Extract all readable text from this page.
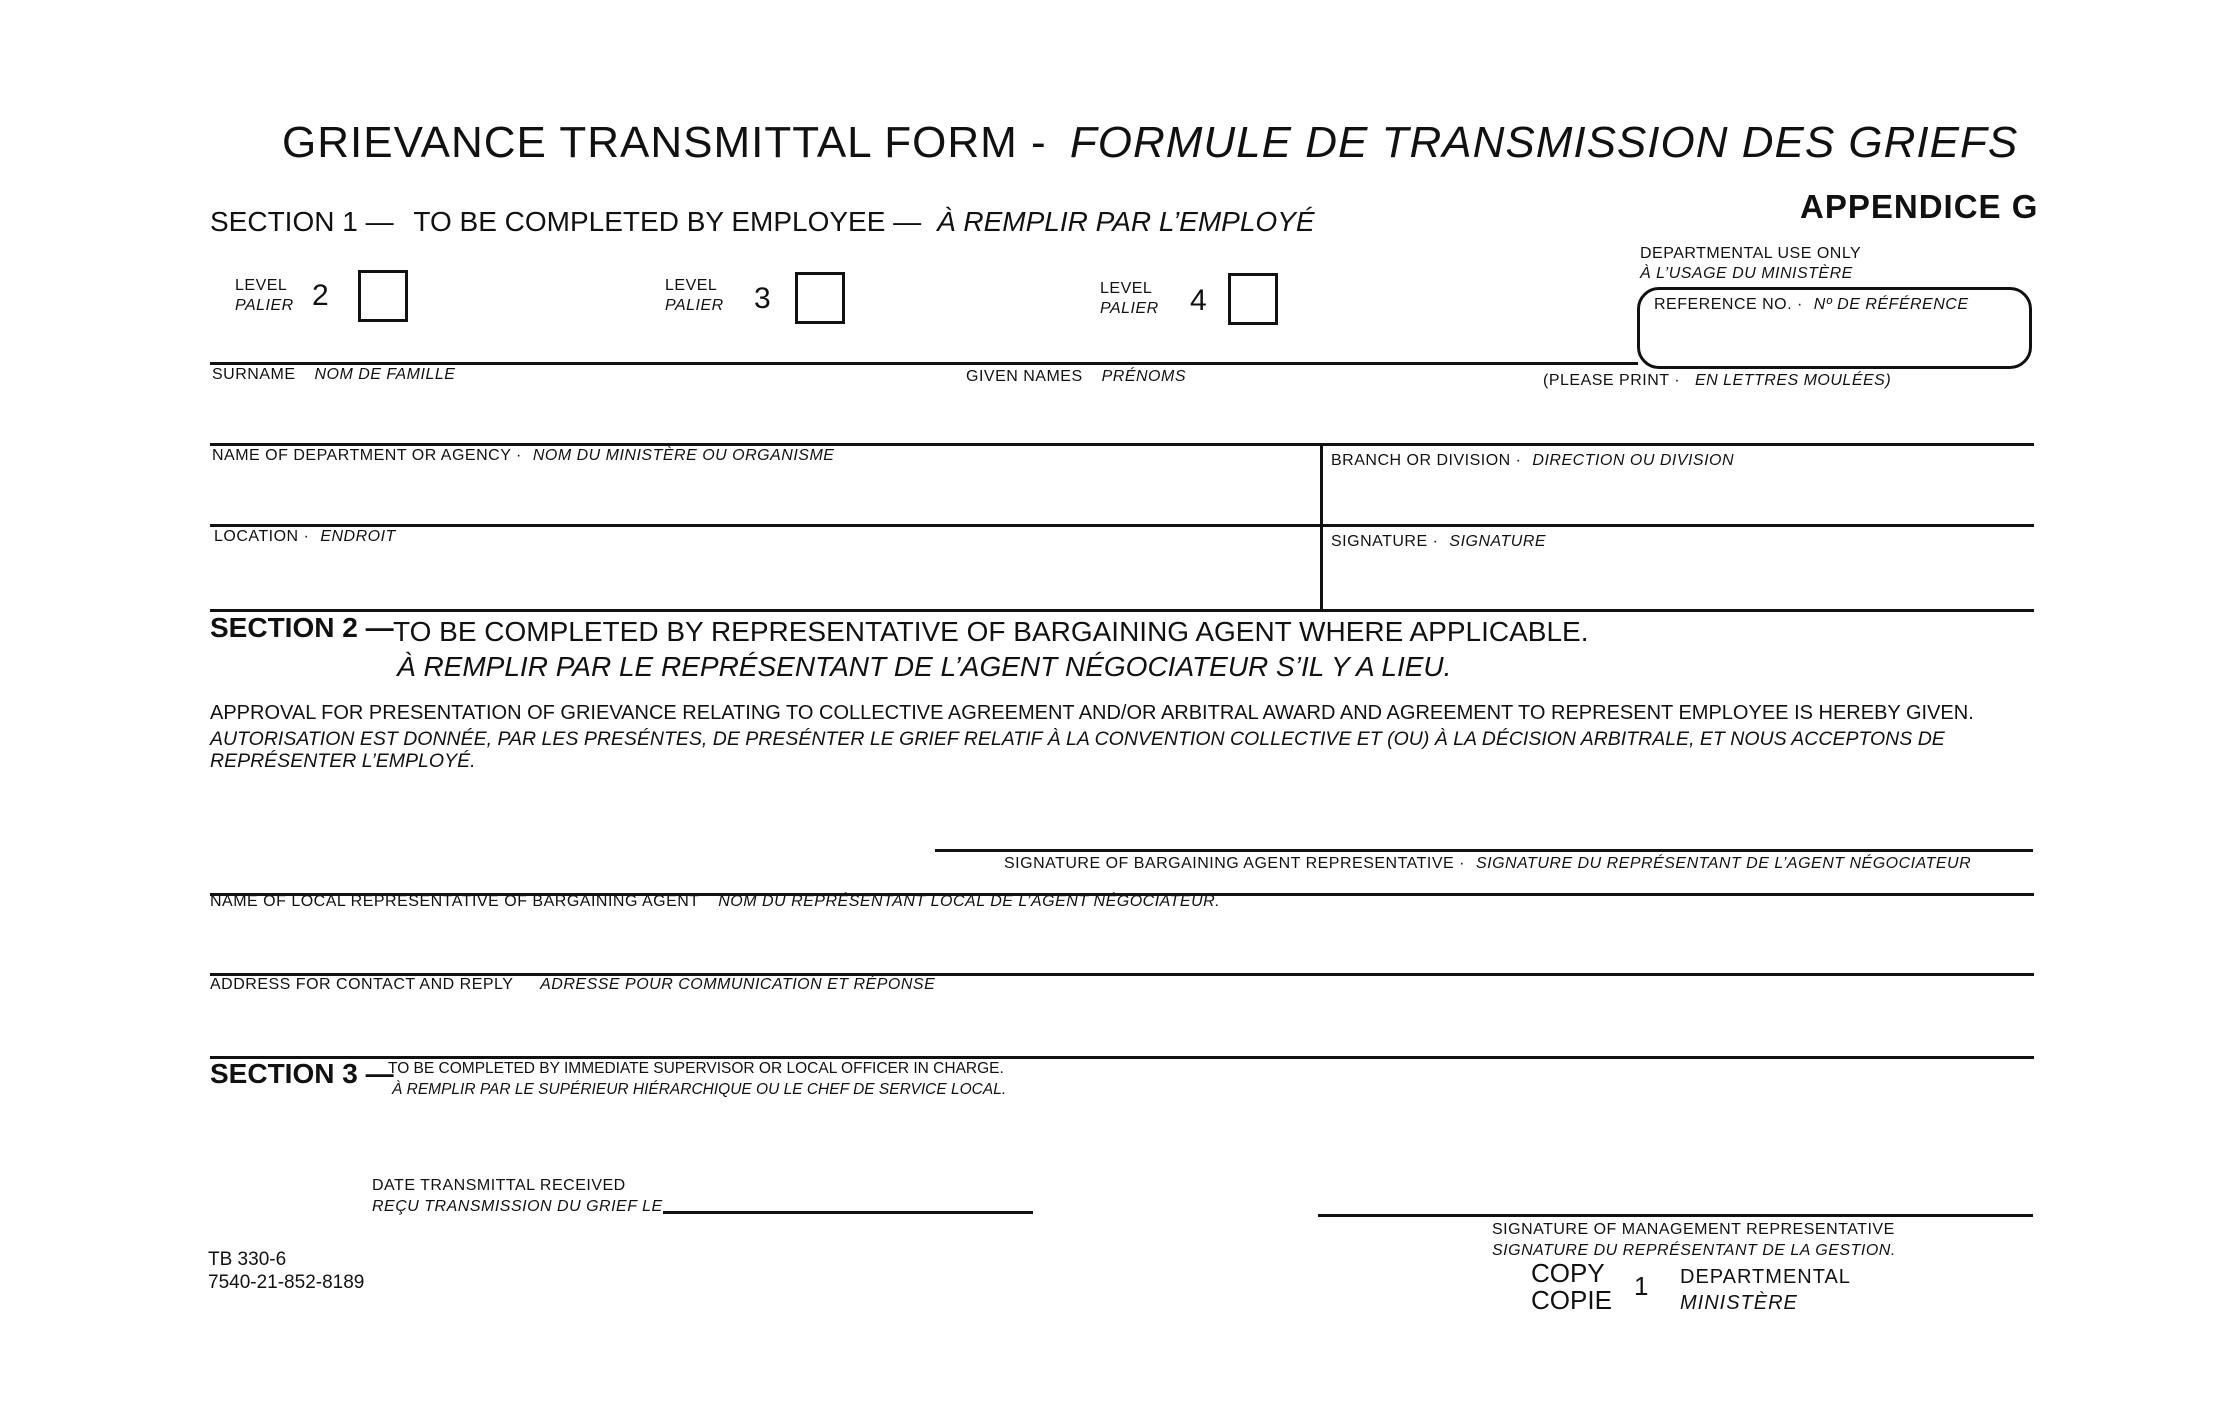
GRIEVANCE TRANSMITTAL FORM - FORMULE DE TRANSMISSION DES GRIEFS
APPENDICE G
SECTION 1 — TO BE COMPLETED BY EMPLOYEE — À REMPLIR PAR L’EMPLOYÉ
LEVEL
PALIER 2	LEVEL
PALIER 3	LEVEL
PALIER 4
DEPARTMENTAL USE ONLY
À L’USAGE DU MINISTÈRE
REFERENCE NO. · Nº DE RÉFÉRENCE
SURNAME NOM DE FAMILLE	GIVEN NAMES PRÉNOMS	(PLEASE PRINT · EN LETTRES MOULÉES)
NAME OF DEPARTMENT OR AGENCY · NOM DU MINISTÈRE OU ORGANISME	BRANCH OR DIVISION · DIRECTION OU DIVISION
LOCATION · ENDROIT	SIGNATURE · SIGNATURE
SECTION 2 — TO BE COMPLETED BY REPRESENTATIVE OF BARGAINING AGENT WHERE APPLICABLE.
À REMPLIR PAR LE REPRÉSENTANT DE L’AGENT NÉGOCIATEUR S’IL Y A LIEU.
APPROVAL FOR PRESENTATION OF GRIEVANCE RELATING TO COLLECTIVE AGREEMENT AND/OR ARBITRAL AWARD AND AGREEMENT TO REPRESENT EMPLOYEE IS HEREBY GIVEN.
AUTORISATION EST DONNÉE, PAR LES PRESÉNTES, DE PRESÉNTER LE GRIEF RELATIF À LA CONVENTION COLLECTIVE ET (OU) À LA DÉCISION ARBITRALE, ET NOUS ACCEPTONS DE
REPRÉSENTER L’EMPLOYÉ.
SIGNATURE OF BARGAINING AGENT REPRESENTATIVE · SIGNATURE DU REPRÉSENTANT DE L’AGENT NÉGOCIATEUR
NAME OF LOCAL REPRESENTATIVE OF BARGAINING AGENT NOM DU REPRÉSENTANT LOCAL DE L’AGENT NÉGOCIATEUR.
ADDRESS FOR CONTACT AND REPLY ADRESSE POUR COMMUNICATION ET RÉPONSE
SECTION 3 —
TO BE COMPLETED BY IMMEDIATE SUPERVISOR OR LOCAL OFFICER IN CHARGE.
À REMPLIR PAR LE SUPÉRIEUR HIÉRARCHIQUE OU LE CHEF DE SERVICE LOCAL.
DATE TRANSMITTAL RECEIVED
REÇU TRANSMISSION DU GRIEF LE
SIGNATURE OF MANAGEMENT REPRESENTATIVE
SIGNATURE DU REPRÉSENTANT DE LA GESTION.
TB 330-6
7540-21-852-8189	COPY
COPIE 1 DEPARTMENTAL
MINISTÈRE
